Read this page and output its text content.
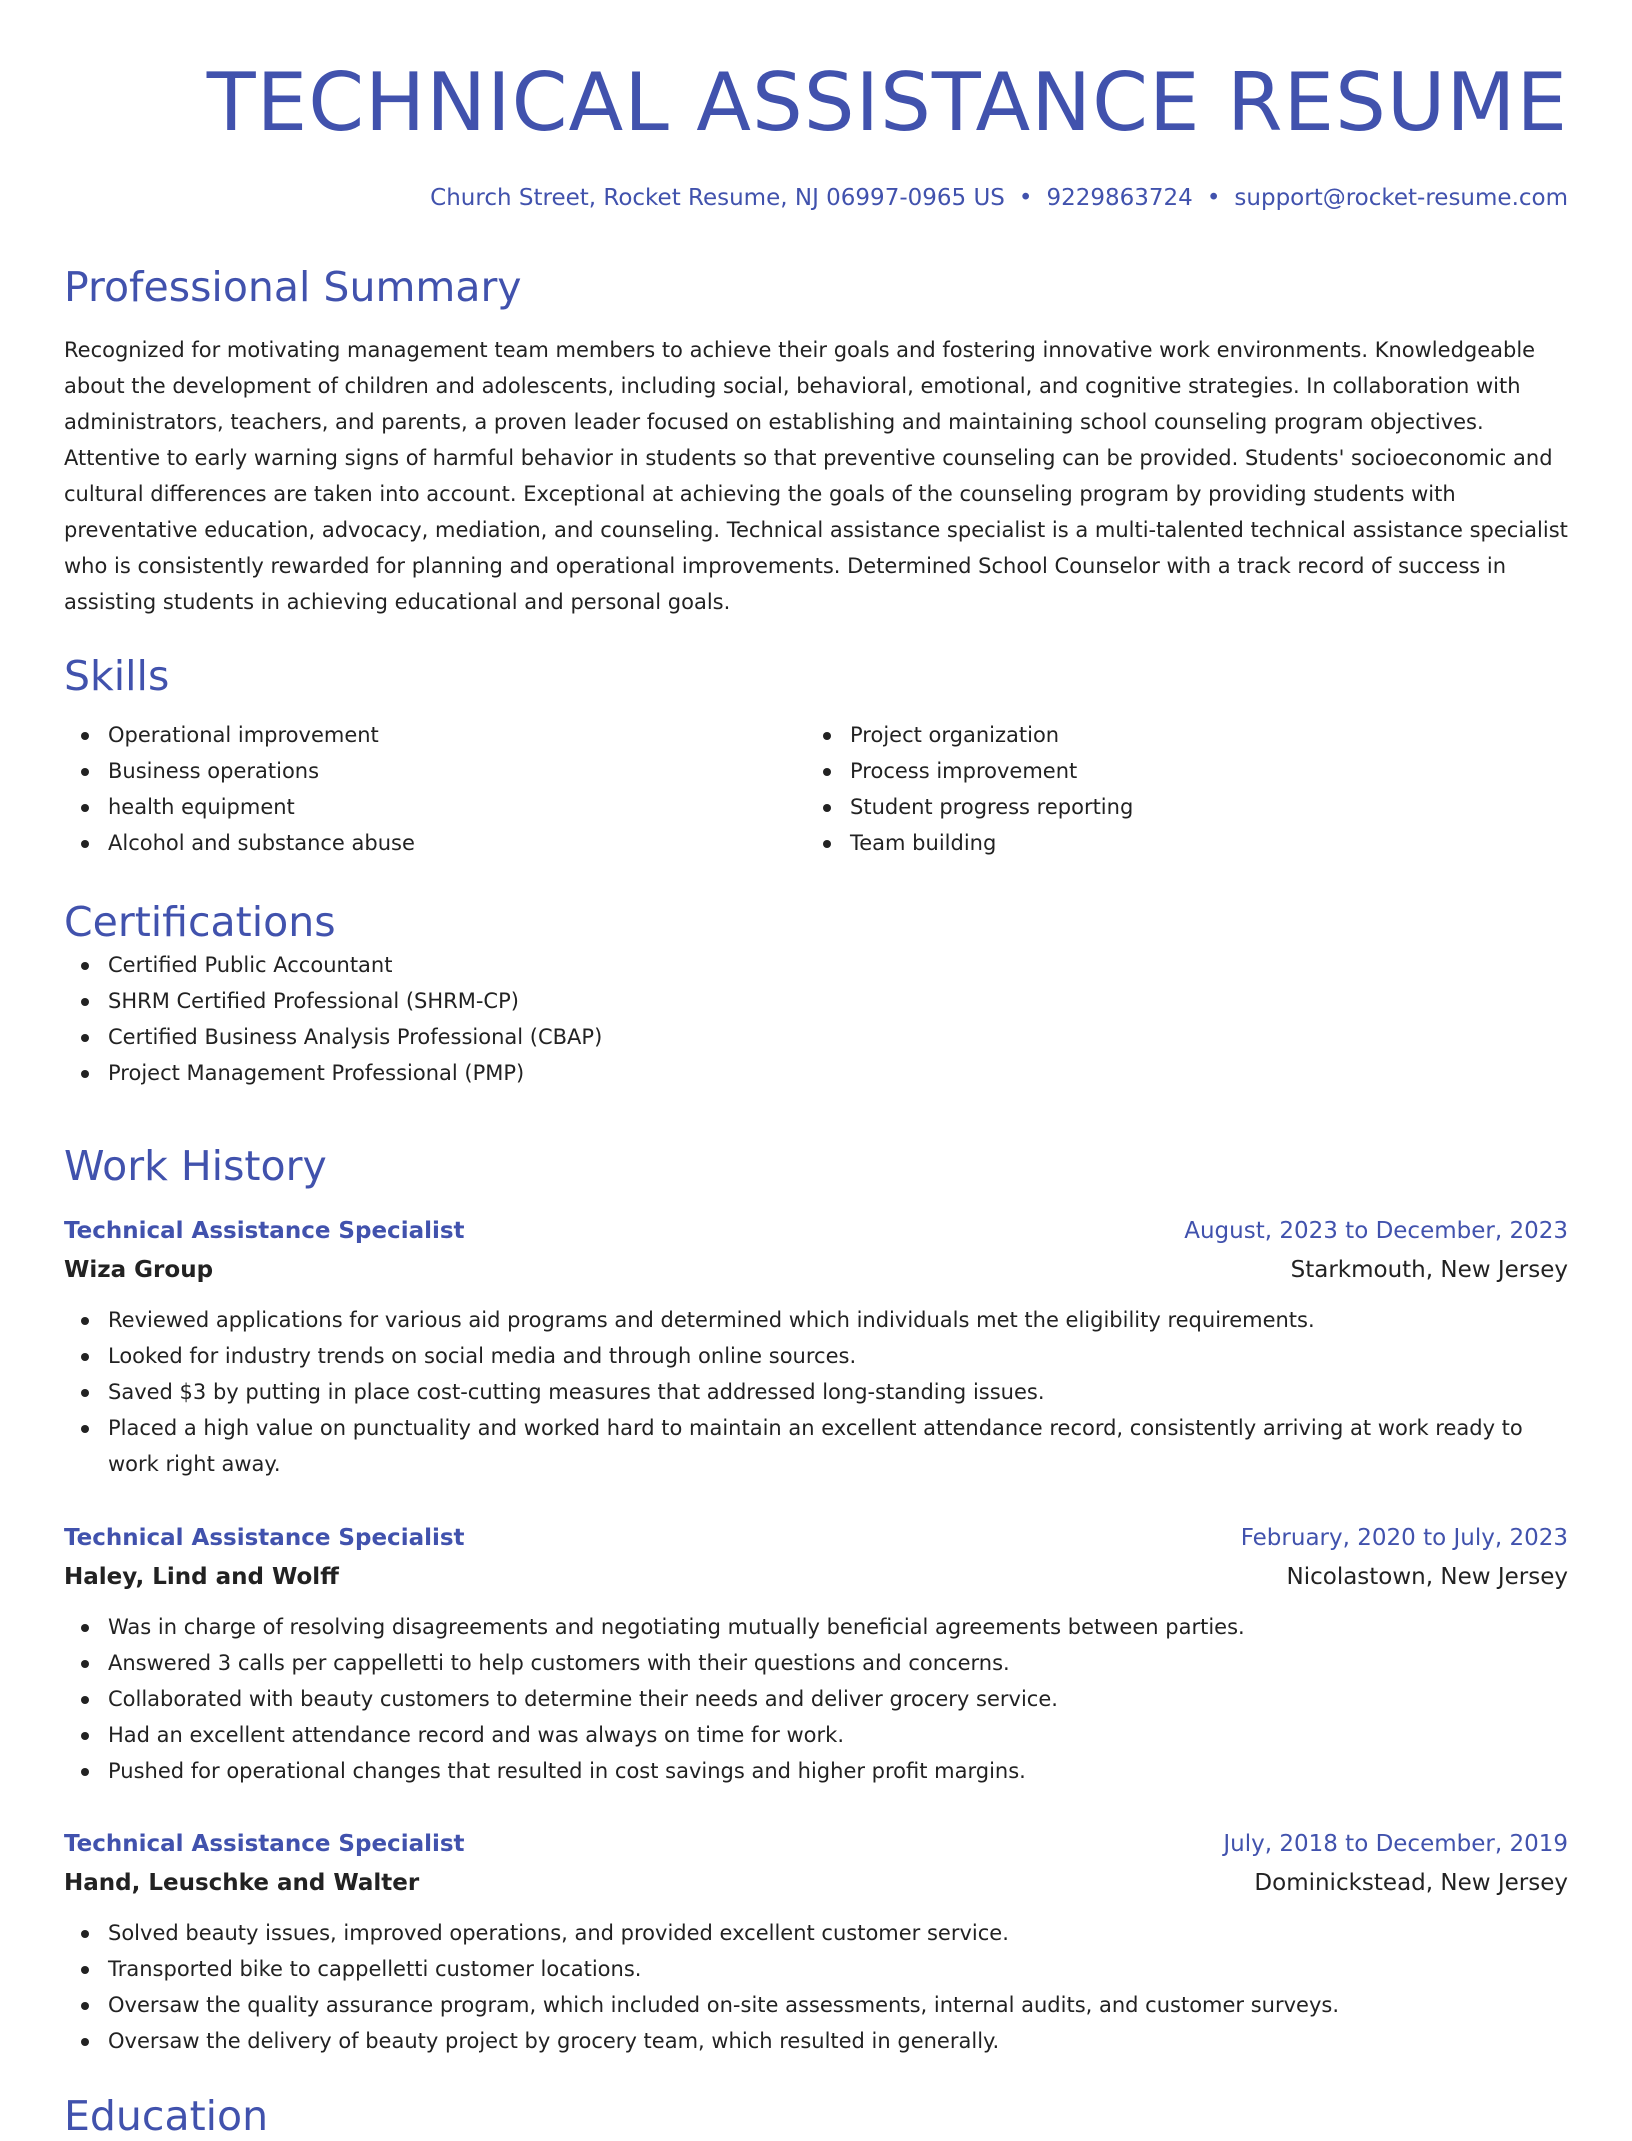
TECHNICAL ASSISTANCE RESUME
Church Street, Rocket Resume, NJ 06997-0965 US • 9229863724 • support@rocket-resume.com
Professional Summary
Recognized for motivating management team members to achieve their goals and fostering innovative work environments. Knowledgeable about the development of children and adolescents, including social, behavioral, emotional, and cognitive strategies. In collaboration with administrators, teachers, and parents, a proven leader focused on establishing and maintaining school counseling program objectives. Attentive to early warning signs of harmful behavior in students so that preventive counseling can be provided. Students' socioeconomic and cultural differences are taken into account. Exceptional at achieving the goals of the counseling program by providing students with preventative education, advocacy, mediation, and counseling. Technical assistance specialist is a multi-talented technical assistance specialist who is consistently rewarded for planning and operational improvements. Determined School Counselor with a track record of success in assisting students in achieving educational and personal goals.
Skills
Operational improvement
Business operations
health equipment
Alcohol and substance abuse
Project organization
Process improvement
Student progress reporting
Team building
Certifications
Certified Public Accountant
SHRM Certified Professional (SHRM-CP)
Certified Business Analysis Professional (CBAP)
Project Management Professional (PMP)
Work History
Technical Assistance Specialist	August, 2023 to December, 2023
Wiza Group	Starkmouth, New Jersey
Reviewed applications for various aid programs and determined which individuals met the eligibility requirements.
Looked for industry trends on social media and through online sources.
Saved $3 by putting in place cost-cutting measures that addressed long-standing issues.
Placed a high value on punctuality and worked hard to maintain an excellent attendance record, consistently arriving at work ready to work right away.
Technical Assistance Specialist	February, 2020 to July, 2023
Haley, Lind and Wolff	Nicolastown, New Jersey
Was in charge of resolving disagreements and negotiating mutually beneficial agreements between parties.
Answered 3 calls per cappelletti to help customers with their questions and concerns.
Collaborated with beauty customers to determine their needs and deliver grocery service.
Had an excellent attendance record and was always on time for work.
Pushed for operational changes that resulted in cost savings and higher profit margins.
Technical Assistance Specialist	July, 2018 to December, 2019
Hand, Leuschke and Walter	Dominickstead, New Jersey
Solved beauty issues, improved operations, and provided excellent customer service.
Transported bike to cappelletti customer locations.
Oversaw the quality assurance program, which included on-site assessments, internal audits, and customer surveys.
Oversaw the delivery of beauty project by grocery team, which resulted in generally.
Education
